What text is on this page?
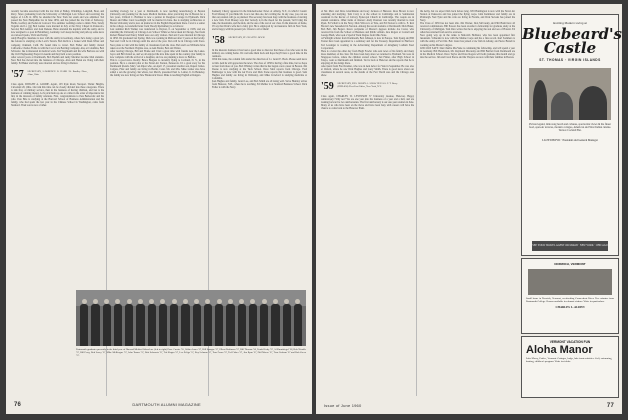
recently became associated with the law firm of Bailey, Waldridge, Langdell, Boar, and Perry. Since graduating from the University of Michigan Law School and receiving the degree of LL.B. in 1959, he attended the New York bar exam and was admitted. Ted passed the New Hampshire bar in June 1959, and has joined the law firm of Sulloway, Hollis, Godfrey and Soden in Concord. Two summer weddings come to mind. First, Sandy Vogelin and Lt. (jg) Bob Gaines were married in July at the Navy Chapel in Pensacola. Second, Bob Andrew and Joan Deneau. Bette attended the nuptials with the Army and is now assigned to a post in Heidelberg, Germany. Let's keep moving and pick up some news on various Upsala, Vivid and Teddy.

Andy Hough's classmate is now with the Army in Germany, where he's doing a great job. Ike Gloster is studying at the Lord's Tavern. Bob Robb is a broker with Dean Witter and company, Oakland, Calif. He found time to travel. Bob Fisher and family visited California. Charles Fickle is with the Coca Cola Bottling Company. Also at Columbia, Bob Schwartz. Ike is interested in medical work. Ted Weymouth and his wife Barbara are with the Civil Engineering Project in Austin and they hold a new position.

After several years at Dartmouth, Bob Boehm and Andy Mackler became Med students. Now Bob has moved into the business of Chicago. Alan and Helen are living with their family. Ed Baker and Judy were married and are living in Denver.

'57 SECRETARY, LAWRENCE R. HARR 3S. Bradley Place, Alton, Ohio

Class agent, DWIGHT A. GOODE. Agent, 103 Kyle Road, Newport. Walter Heiglin, Cleveland 20, Ohio. Our talk this time can be closely divided into three categories. There is talk first, of military service, then in the business of having children, and last is the business of winning money. Let's pick them up one at a time in the order of importance but first in the interests of family relations. First, congratulations to Pete Berkowitz and his wife. Pete Brie is studying at the Harvard School of Business Administration and his family, who had spent the last year in the Chinese School in Washington, came from Stanford. Their son is now a father.

teaching Zoology for a year at Dartmouth, is now teaching neurobiology at Boston University and working for the Aero Medical Institute. After practicing law in Boston for a few years, Clifford C. Hollister is now a partner in Douglass Cottage in Plymouth. Dick Moner and Mike Carol Goodnight will be married in June. Ike is studying architecture at Brown University and is now an instructor in the English Department there. Carol is a senior in the college. A wonderful letter from Woody Kjellenberg is as follows:

Last summer Rich Walker was transferred to Dayton, 0. on September 4, 1958, and are attending the University of Chicago Law School. While we have taken in Chicago, Ned from Robert Haskell and Nancy Smith were our only visitors. Ned and I were married in Chicago in 1958. We graduated last Spring. Dick was working in Midwest after 5 years on the faculty. Ned and I will be in Chicago until the end of the year. Don will be in Chicago with Steve. Now plans to visit with the family of classmates from the class. Bob and Lou Williams have taken over the Northern Virginia area, as Ann Shafer, Bob and Walter.

After leaving Chicago, Bill and Elaine and I had a great time with friends near the Lakes. Joyce and Bill visited us, and we all enjoyed the nice time spent in the country. Our family is now complete with the arrival of a daughter, and we are planning a move to Buffalo.

This is a good news. Really: Bruce Burgess is currently flying to Cortland, N. Y., in the position. He is a student pilot at the Naval Air Station, Pensacola. It's a great story for his Dartmouth friends. Mary van Riper who, on April 17, presented another son, Rupert James. Colgate, Fifer and family are living in Berlin, Conn. Mr. and Mrs. Mike Lamer also have added a son the growing clan where, last March, presented Paul G. Lamer, Jr. In Berkeley, the family are now living on New Brunswick Street. Mike is teaching English at Rutgers.

Kennedy Cherry appeared in the Knickerbocker News of Albany, N.Y., in which I found: Ford Massey. If you think Mr. Coe is not that one, he's writing me. In any case, you can see that our reunion will go as planned. The secretary has been busy with the business of starting a new firm. Ford Massey says that 'nobody is in the mood for the present,' he'll bring the lake, the mountains, and the kids, and be one of the rest of our class. In the interests of home, I'll say that Dick's wife had a baby girl. He is employed by an insurance firm in New York, and is happy with his present job. Cheers to all of them!

'58 SECRETARY, LT. GRANT E. BOCK

In the interests business it has been a good idea to discover that those of us who were in the military are coming home. We welcome them back and hope they'll have a good time in the reunions.

With this issue, the column falls under the direction of Lt. Grant E. Bock. Please send news to him. And he will appreciate the news. The class of 1958 is having a fine time, but we hope to hear from more of you. Bob Whitney writes that he has begun a new career in Boston. Jim Doane is now studying at the Tuck School. Dave Mott reports from Chicago. Fred Bamberger is now with the Air Force and Dick Stone reports that business is good. Sam Hughes and family are living in Wellesley, and Mike Crawford is studying medicine at Columbia.

Ken Hughes and family, Grant Lee, and Bob Smith are all doing well. Steve Huntley writes from Hanover, N.H., where he is teaching. Ed Mohler is at Stanford Business School. Dick Fuller is with the Navy.

Dartmouth graduates presently in the third year of Harvard Medical School are (left to right) Dave Currier '55, Walter Jones '57, Bill Sprague '57, Elbert Robinson '57, Bill Thomas '56, Frank Riedy '57, Al Krumbiegel '58, Bob Trimble '57, Bill Perry, Bob Lacey '57, Mike McKeague '57, John Tanner '57, Bob Schwartz '57, Ted Kogan '57, Leo Zeligs '57, Roy Lehman '57, Tom Foran '57, Ted Fisher '57, Jim Ryan '57, Phil Moore '57, Tom Gorham '57 and Bob Green '57.
76	DARTMOUTH ALUMNI MAGAZINE

of Mr. Marc and Dave Gleichmann and Gary Jackson of Hanover. Ross Brown is now attending and studying. Tom Crary is at the school in Cambridge and is Seminarian Assistant in the Rector of Calvary Episcopal Church in Cambridge. The couple are in student residence. Other items of interest: Andy Peterson was recently married to Joan Ryan. Ed Scholl is in the Navy. Dick Wilcox is at Yale, and Ed Norton is with G. E. Rob Brown's new household in Newton. Among the recent students at Dartmouth: Dick Baker, Bob Bell, Jim Bogert. Know recipients of Master's degrees include Joe Carter, who received his from the School of Business and Public Affairs. Abe Rogers at Cornell and George Bush, who took a Special Work Degree from Ohio State.

A Fulbright scholar from Dartmouth, Bob Johnson, is now in Europe. Tom Spang and Bill Turner have been appointed to a seminary and for the Treasury Department in Hartford. Ted Lessinger is working in the Advertising Department of Allegheny Ludlum Steel Corporation.

Here is a letter the other day from Hugh Fowler who sent news of his family and many more members of the class: We have been busy since we returned to Thailand. We were in Singapore before, where the children started school. Ted Fisher, after High School in Tokyo, went to Dartmouth and finished. Ted is back at Hanover and he reports that he is enjoying all the doings there.

Also heard from Fred Kramer, who was in Ann Arbor for Yale in September. He was also at Oxford, where he saw Dick Hughes and Larry Smith. There is good news about our classmates in several areas, as the details of the Fort Worth area and the Chicago area show.

'59 SECRETARY, ENS. HARRY A. SHAW III U.S.S. F. T. Berry (DDE-858) Fleet Post Office, New York, N.Y.

Class agent, CHARLES W. LEVINSON 57 University Avenue, Hanover. Happy Anniversary! Why not? We are one year into the business of a year and a half, and are looking forward to two anniversaries. The first anniversary is our one-year reunion in June. Many of us who have been on the move and have been busy with careers will have the chance to come back to the Hanover Plain.

the Army, but we expect him back before long. Will Huntington is now with the Naval Air Station at Pensacola and has joined the flying corps. John Kemmerer and family are in Pittsburgh. Ned Tyler and his wife are living in Florida, and Dick Stevens has joined the Navy.

The Class of 1959 has not been idle. Jim Warner, Don McCauley and Phil Bush have all received commissions. Bill Powers has been awarded a fellowship for graduate study at the University of Michigan. Tom Rice writes that he is enjoying the sun and sea of Hawaii. Ed Allen has returned from service overseas.

Now going way up in the ranks is Malcolm Hollister, who has been appointed first lieutenant. Schneider is now with the Marine Corps and has a fine record. Karl Sommers is with the Army at Fort Dix. Bob Lister has joined a law firm in Albany, and Steve Brandt is working on his Master's degree.

LINCOLN SAYS: Dan Charlie MacVane is continuing his fellowship, and will spend a year in Germany. Bill Henderson, Mr. Raymond Macaulay and Bill Bartlett from Dartmouth are in the Medical School. Dave Taylor and Dave Rogers will both graduate this month and go into the service. Jim and Carol Pierce and the Thayers are now with their families in Boston.

Exciting Modern Living at
Bluebeard's Castle
ST. THOMAS · VIRGIN ISLANDS
Picture legend, mile-long beach and cabanas, spectacular views & the finest food, open-air terraces, modern cottages, American and West Indian cuisine. Terrace Cocktail Bar.
LLOYD BOYD · President and General Manager
SEE YOUR TRAVEL AGENT OR MIAMI · NEW YORK · CHICAGO
NORWICH, VERMONT
Small home in Norwich, Vermont, overlooking Connecticut River. Five minutes from Dartmouth College. Rooms available for alumni visitors. Write for particulars.
CHARLES L. ALDEN
VERMONT VACATION FUN
Aloha Manor
Lake Morey, Fairlee, Vermont. Cottages, lodge, lake-front activities. Golf, swimming, boating, children's program. Write for folder.
Issue of June 1960	77
